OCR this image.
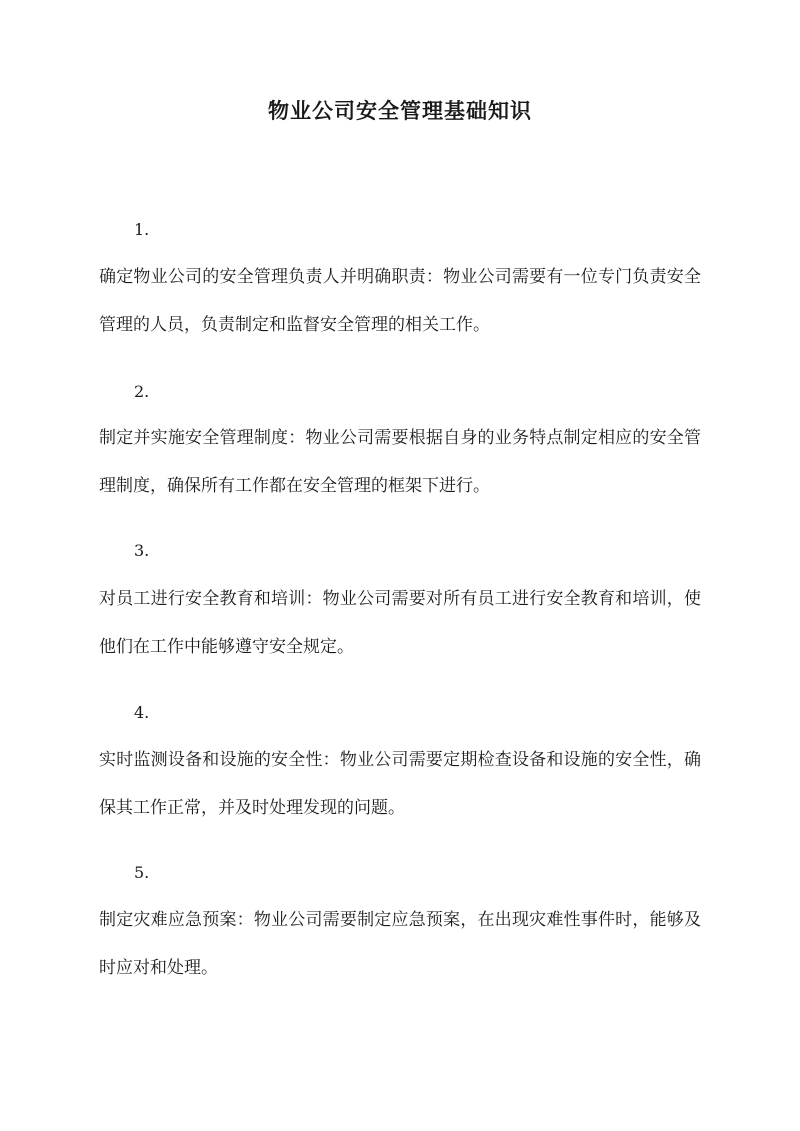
物业公司安全管理基础知识

1.

确定物业公司的安全管理负责人并明确职责：物业公司需要有一位专门负责安全管理的人员，负责制定和监督安全管理的相关工作。

2.

制定并实施安全管理制度：物业公司需要根据自身的业务特点制定相应的安全管理制度，确保所有工作都在安全管理的框架下进行。

3.

对员工进行安全教育和培训：物业公司需要对所有员工进行安全教育和培训，使他们在工作中能够遵守安全规定。

4.

实时监测设备和设施的安全性：物业公司需要定期检查设备和设施的安全性，确保其工作正常，并及时处理发现的问题。

5.

制定灾难应急预案：物业公司需要制定应急预案，在出现灾难性事件时，能够及时应对和处理。
